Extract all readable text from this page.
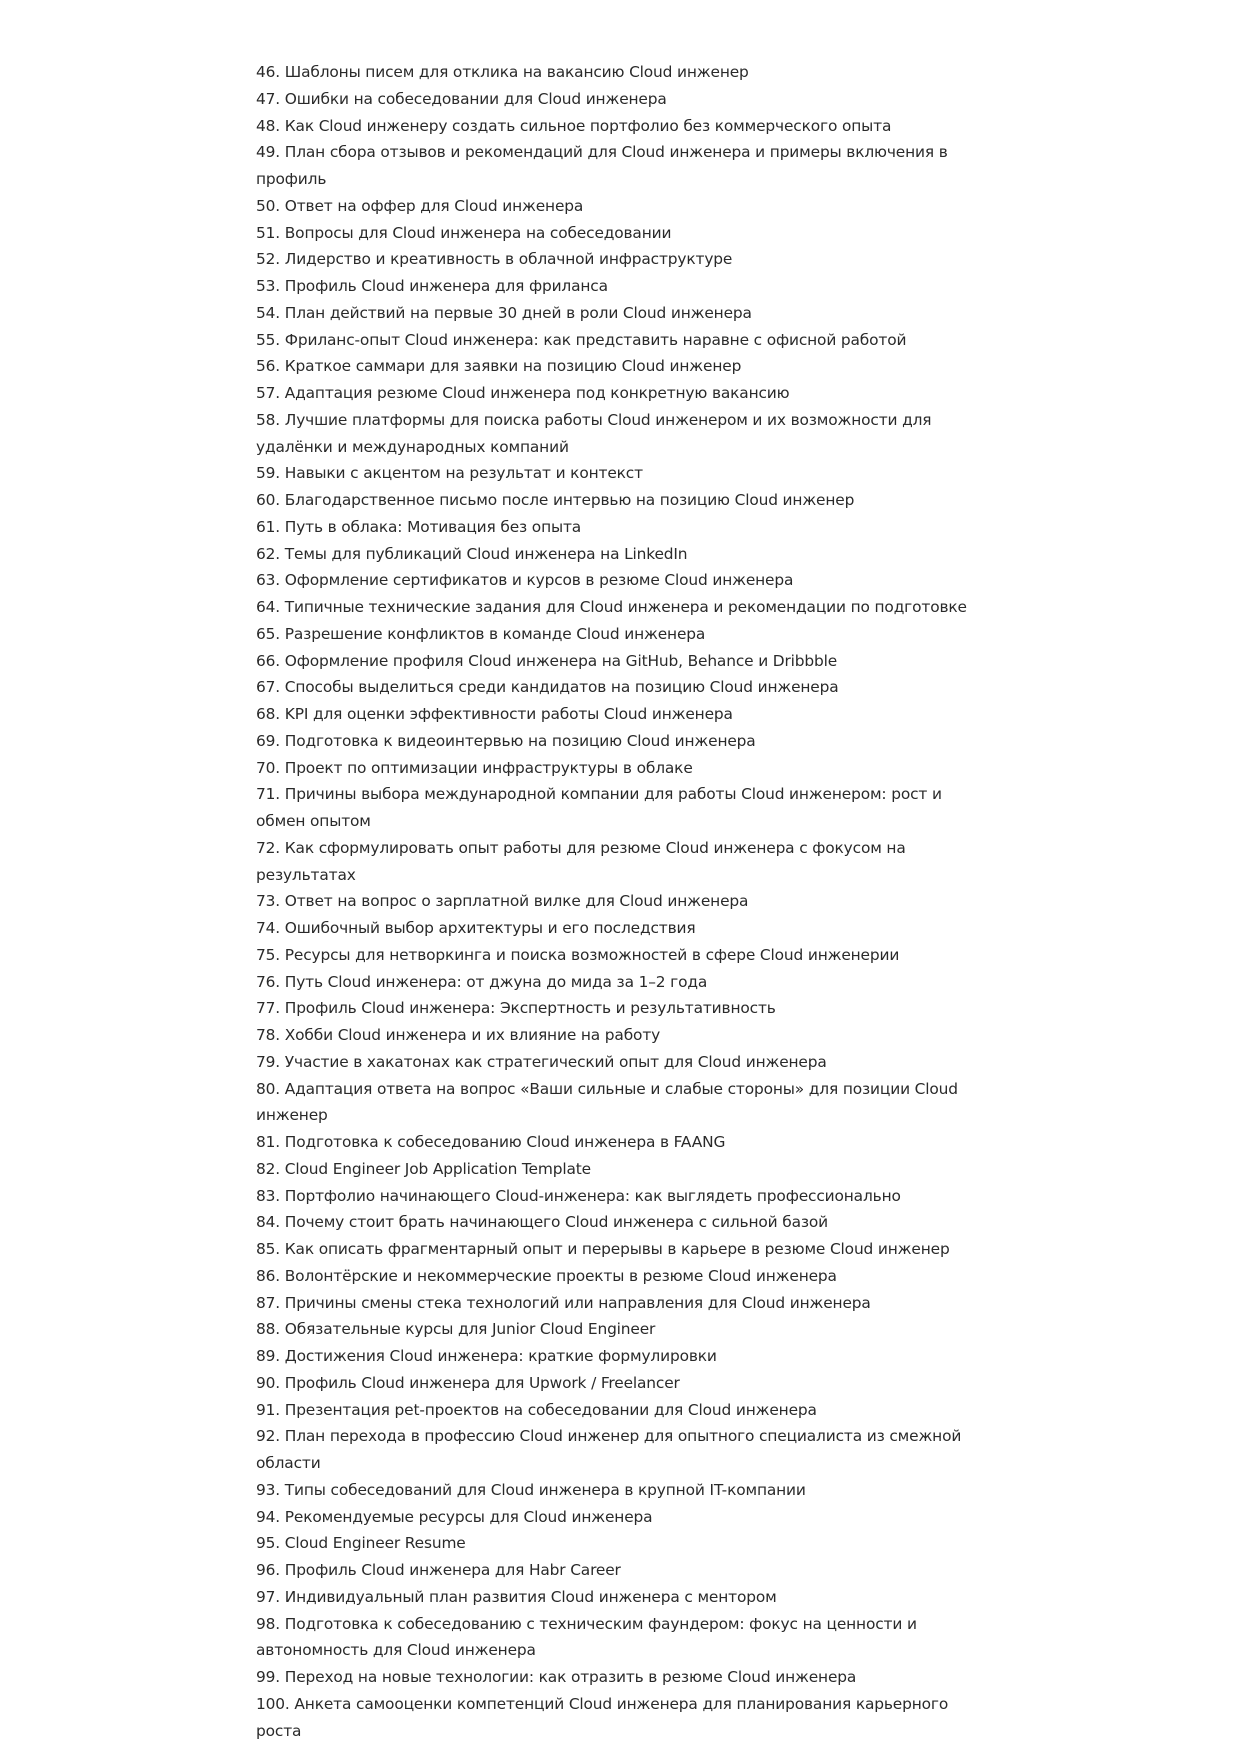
46. Шаблоны писем для отклика на вакансию Cloud инженер
47. Ошибки на собеседовании для Cloud инженера
48. Как Cloud инженеру создать сильное портфолио без коммерческого опыта
49. План сбора отзывов и рекомендаций для Cloud инженера и примеры включения в профиль
50. Ответ на оффер для Cloud инженера
51. Вопросы для Cloud инженера на собеседовании
52. Лидерство и креативность в облачной инфраструктуре
53. Профиль Cloud инженера для фриланса
54. План действий на первые 30 дней в роли Cloud инженера
55. Фриланс-опыт Cloud инженера: как представить наравне с офисной работой
56. Краткое саммари для заявки на позицию Cloud инженер
57. Адаптация резюме Cloud инженера под конкретную вакансию
58. Лучшие платформы для поиска работы Cloud инженером и их возможности для удалёнки и международных компаний
59. Навыки с акцентом на результат и контекст
60. Благодарственное письмо после интервью на позицию Cloud инженер
61. Путь в облака: Мотивация без опыта
62. Темы для публикаций Cloud инженера на LinkedIn
63. Оформление сертификатов и курсов в резюме Cloud инженера
64. Типичные технические задания для Cloud инженера и рекомендации по подготовке
65. Разрешение конфликтов в команде Cloud инженера
66. Оформление профиля Cloud инженера на GitHub, Behance и Dribbble
67. Способы выделиться среди кандидатов на позицию Cloud инженера
68. KPI для оценки эффективности работы Cloud инженера
69. Подготовка к видеоинтервью на позицию Cloud инженера
70. Проект по оптимизации инфраструктуры в облаке
71. Причины выбора международной компании для работы Cloud инженером: рост и обмен опытом
72. Как сформулировать опыт работы для резюме Cloud инженера с фокусом на результатах
73. Ответ на вопрос о зарплатной вилке для Cloud инженера
74. Ошибочный выбор архитектуры и его последствия
75. Ресурсы для нетворкинга и поиска возможностей в сфере Cloud инженерии
76. Путь Cloud инженера: от джуна до мида за 1–2 года
77. Профиль Cloud инженера: Экспертность и результативность
78. Хобби Cloud инженера и их влияние на работу
79. Участие в хакатонах как стратегический опыт для Cloud инженера
80. Адаптация ответа на вопрос «Ваши сильные и слабые стороны» для позиции Cloud инженер
81. Подготовка к собеседованию Cloud инженера в FAANG
82. Cloud Engineer Job Application Template
83. Портфолио начинающего Cloud-инженера: как выглядеть профессионально
84. Почему стоит брать начинающего Cloud инженера с сильной базой
85. Как описать фрагментарный опыт и перерывы в карьере в резюме Cloud инженер
86. Волонтёрские и некоммерческие проекты в резюме Cloud инженера
87. Причины смены стека технологий или направления для Cloud инженера
88. Обязательные курсы для Junior Cloud Engineer
89. Достижения Cloud инженера: краткие формулировки
90. Профиль Cloud инженера для Upwork / Freelancer
91. Презентация pet-проектов на собеседовании для Cloud инженера
92. План перехода в профессию Cloud инженер для опытного специалиста из смежной области
93. Типы собеседований для Cloud инженера в крупной IT-компании
94. Рекомендуемые ресурсы для Cloud инженера
95. Cloud Engineer Resume
96. Профиль Cloud инженера для Habr Career
97. Индивидуальный план развития Cloud инженера с ментором
98. Подготовка к собеседованию с техническим фаундером: фокус на ценности и автономность для Cloud инженера
99. Переход на новые технологии: как отразить в резюме Cloud инженера
100. Анкета самооценки компетенций Cloud инженера для планирования карьерного роста
